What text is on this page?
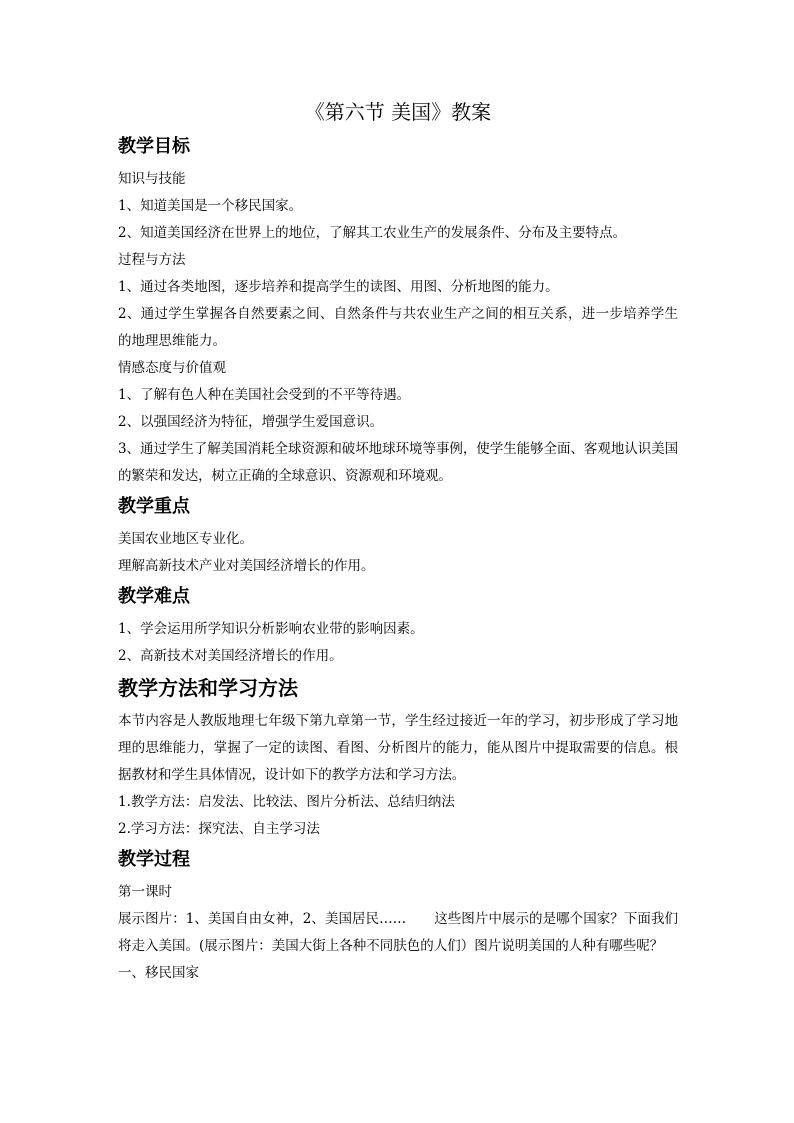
《第六节 美国》教案
教学目标

知识与技能

1、知道美国是一个移民国家。

2、知道美国经济在世界上的地位，了解其工农业生产的发展条件、分布及主要特点。

过程与方法

1、通过各类地图，逐步培养和提高学生的读图、用图、分析地图的能力。

2、通过学生掌握各自然要素之间、自然条件与共农业生产之间的相互关系，进一步培养学生的地理思维能力。

情感态度与价值观

1、了解有色人种在美国社会受到的不平等待遇。

2、以强国经济为特征，增强学生爱国意识。

3、通过学生了解美国消耗全球资源和破坏地球环境等事例，使学生能够全面、客观地认识美国的繁荣和发达，树立正确的全球意识、资源观和环境观。

教学重点

美国农业地区专业化。

理解高新技术产业对美国经济增长的作用。

教学难点

1、学会运用所学知识分析影响农业带的影响因素。

2、高新技术对美国经济增长的作用。

教学方法和学习方法

本节内容是人教版地理七年级下第九章第一节，学生经过接近一年的学习，初步形成了学习地理的思维能力，掌握了一定的读图、看图、分析图片的能力，能从图片中提取需要的信息。根据教材和学生具体情况，设计如下的教学方法和学习方法。

1.教学方法：启发法、比较法、图片分析法、总结归纳法

2.学习方法：探究法、自主学习法

教学过程

第一课时

展示图片：1、美国自由女神，2、美国居民…… 这些图片中展示的是哪个国家？下面我们将走入美国。(展示图片：美国大街上各种不同肤色的人们）图片说明美国的人种有哪些呢？

一、移民国家
